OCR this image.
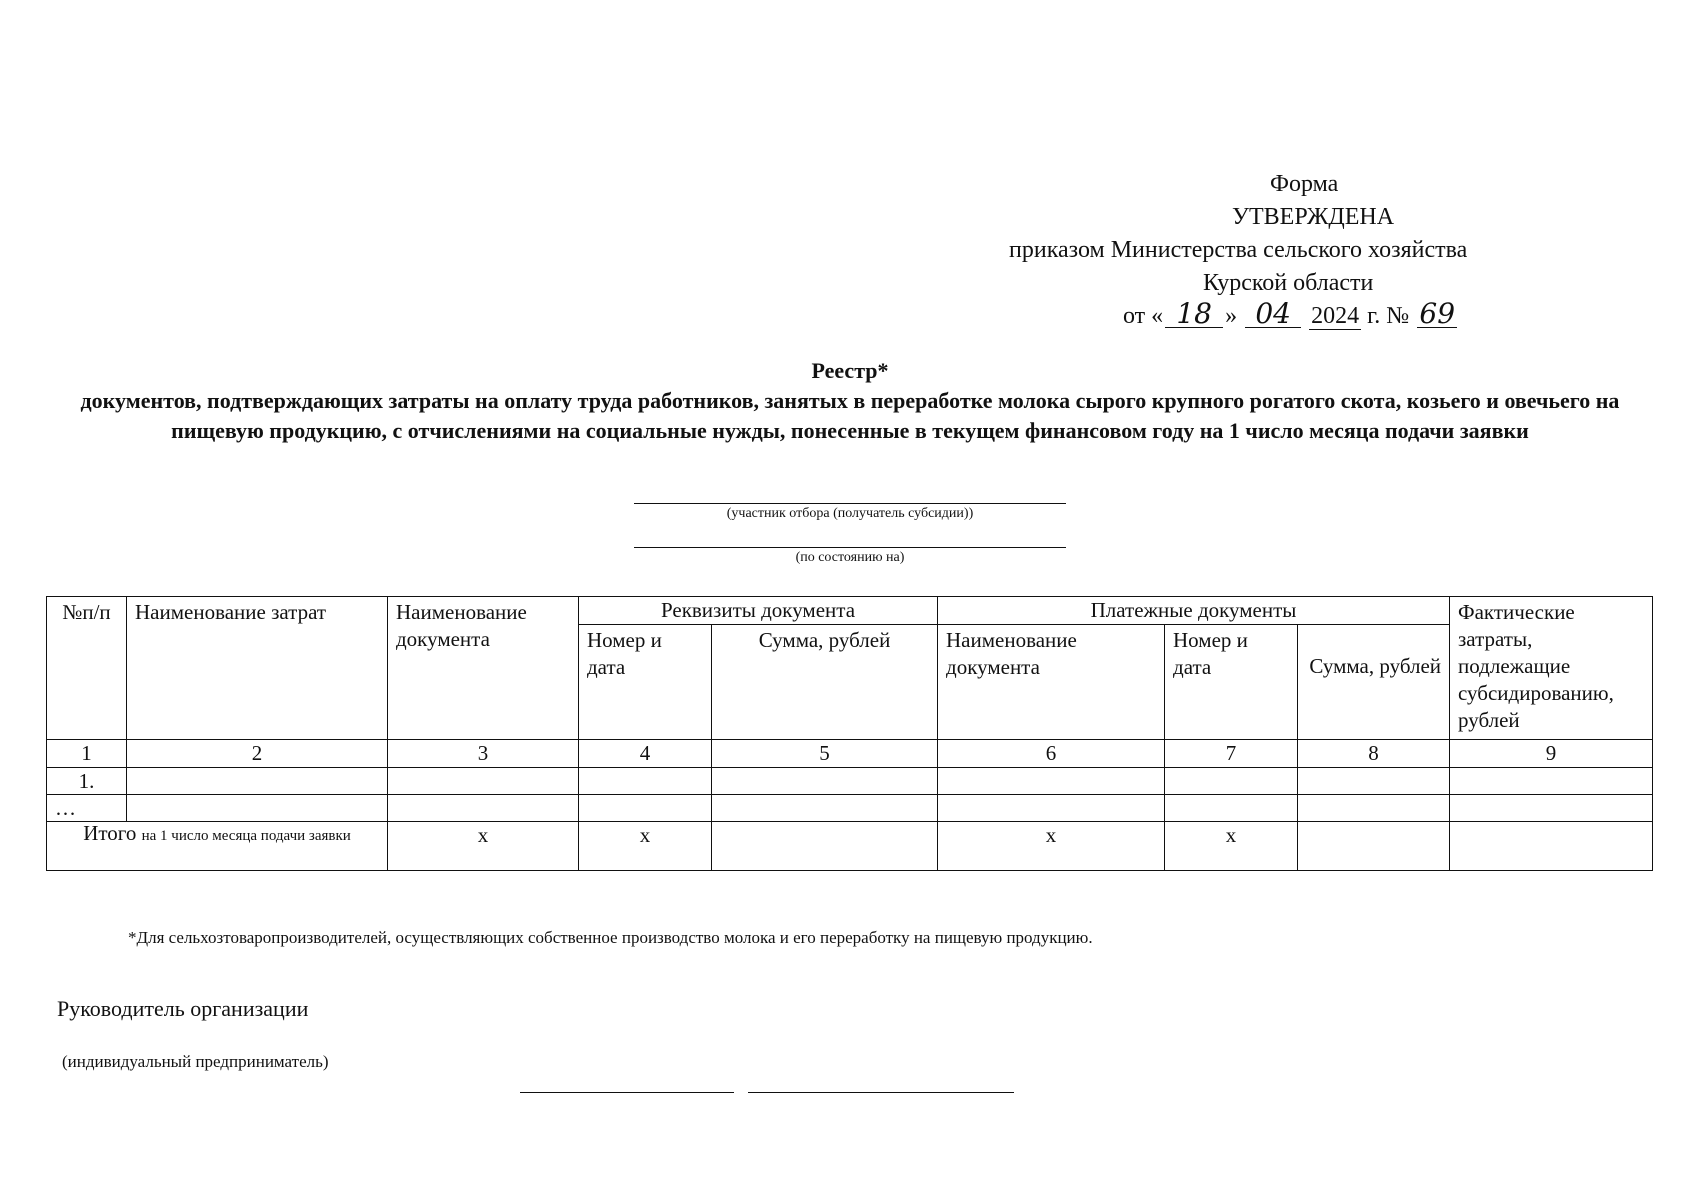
Форма
УТВЕРЖДЕНА
приказом Министерства сельского хозяйства
Курской области
от « 18 » 04 2024 г. № 69
Реестр*
документов, подтверждающих затраты на оплату труда работников, занятых в переработке молока сырого крупного рогатого скота, козьего и овечьего на пищевую продукцию, с отчислениями на социальные нужды, понесенные в текущем финансовом году на 1 число месяца подачи заявки
(участник отбора (получатель субсидии))
(по состоянию на)
№п/п	Наименование затрат	Наименование документа	Реквизиты документа		Платежные документы			Фактические затраты, подлежащие субсидированию, рублей
			Номер и дата	Сумма, рублей	Наименование документа	Номер и дата	Сумма, рублей	
1	2	3	4	5	6	7	8	9
1.								
…								
Итого на 1 число месяца подачи заявки		x	x		x	x		
*Для сельхозтоваропроизводителей, осуществляющих собственное производство молока и его переработку на пищевую продукцию.
Руководитель организации
(индивидуальный предприниматель)
